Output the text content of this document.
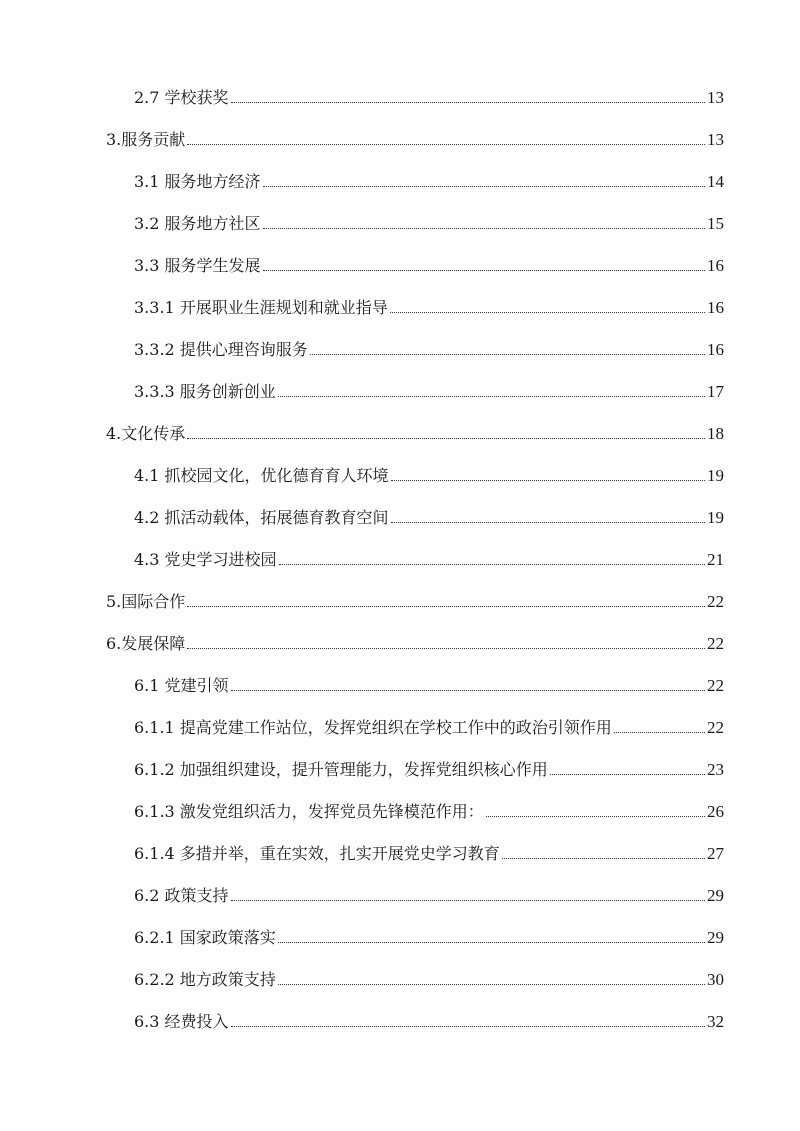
2.7 学校获奖	13
3.服务贡献	13
3.1 服务地方经济	14
3.2 服务地方社区	15
3.3 服务学生发展	16
3.3.1 开展职业生涯规划和就业指导	16
3.3.2 提供心理咨询服务	16
3.3.3 服务创新创业	17
4.文化传承	18
4.1 抓校园文化，优化德育育人环境	19
4.2 抓活动载体，拓展德育教育空间	19
4.3 党史学习进校园	21
5.国际合作	22
6.发展保障	22
6.1 党建引领	22
6.1.1 提高党建工作站位，发挥党组织在学校工作中的政治引领作用	22
6.1.2 加强组织建设，提升管理能力，发挥党组织核心作用	23
6.1.3 激发党组织活力，发挥党员先锋模范作用：	26
6.1.4 多措并举，重在实效，扎实开展党史学习教育	27
6.2 政策支持	29
6.2.1 国家政策落实	29
6.2.2 地方政策支持	30
6.3 经费投入	32
